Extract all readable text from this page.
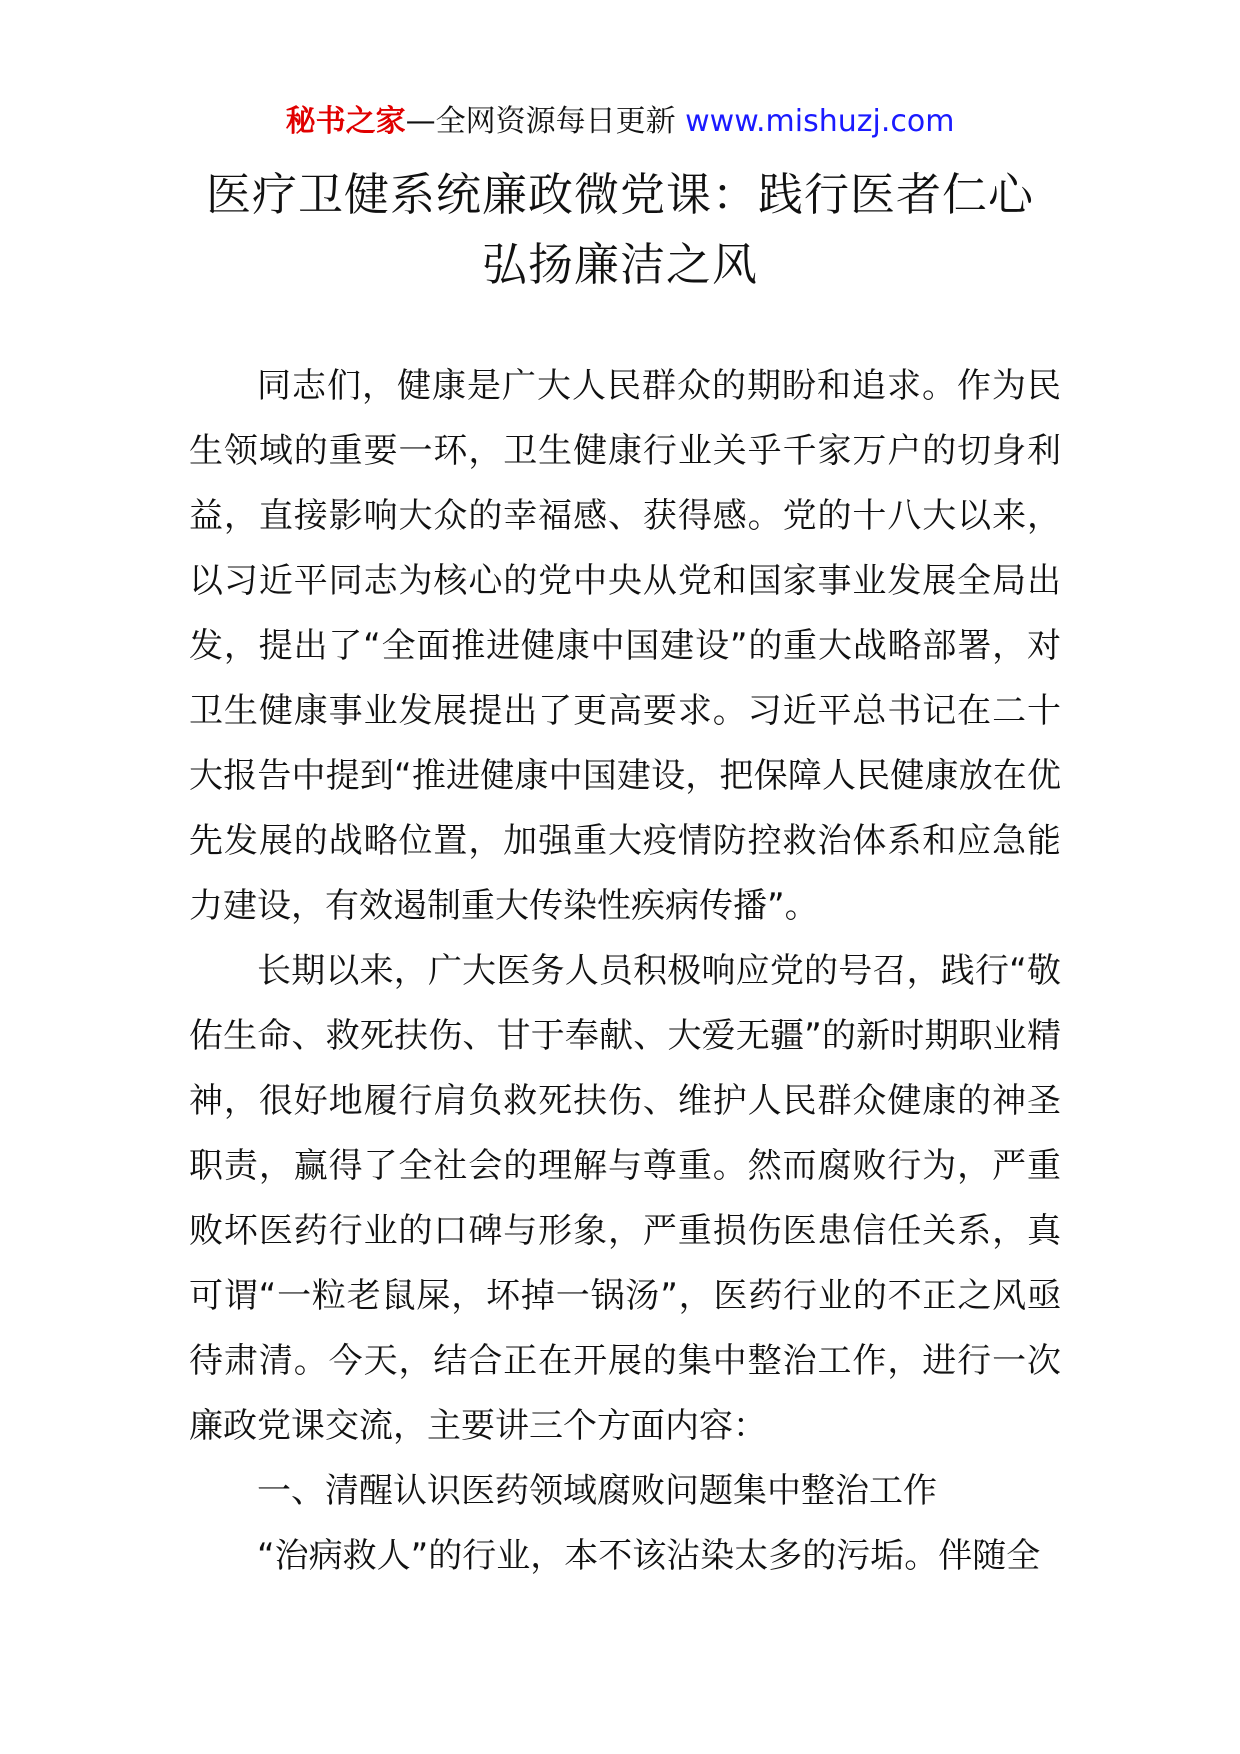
秘书之家—全网资源每日更新 www.mishuzj.com
医疗卫健系统廉政微党课：践行医者仁心
弘扬廉洁之风

同志们，健康是广大人民群众的期盼和追求。作为民生领域的重要一环，卫生健康行业关乎千家万户的切身利益，直接影响大众的幸福感、获得感。党的十八大以来，以习近平同志为核心的党中央从党和国家事业发展全局出发，提出了“全面推进健康中国建设”的重大战略部署，对卫生健康事业发展提出了更高要求。习近平总书记在二十大报告中提到“推进健康中国建设，把保障人民健康放在优先发展的战略位置，加强重大疫情防控救治体系和应急能力建设，有效遏制重大传染性疾病传播”。

长期以来，广大医务人员积极响应党的号召，践行“敬佑生命、救死扶伤、甘于奉献、大爱无疆”的新时期职业精神，很好地履行肩负救死扶伤、维护人民群众健康的神圣职责，赢得了全社会的理解与尊重。然而腐败行为，严重败坏医药行业的口碑与形象，严重损伤医患信任关系，真可谓“一粒老鼠屎，坏掉一锅汤”，医药行业的不正之风亟待肃清。今天，结合正在开展的集中整治工作，进行一次廉政党课交流，主要讲三个方面内容：

一、清醒认识医药领域腐败问题集中整治工作

“治病救人”的行业，本不该沾染太多的污垢。伴随全
